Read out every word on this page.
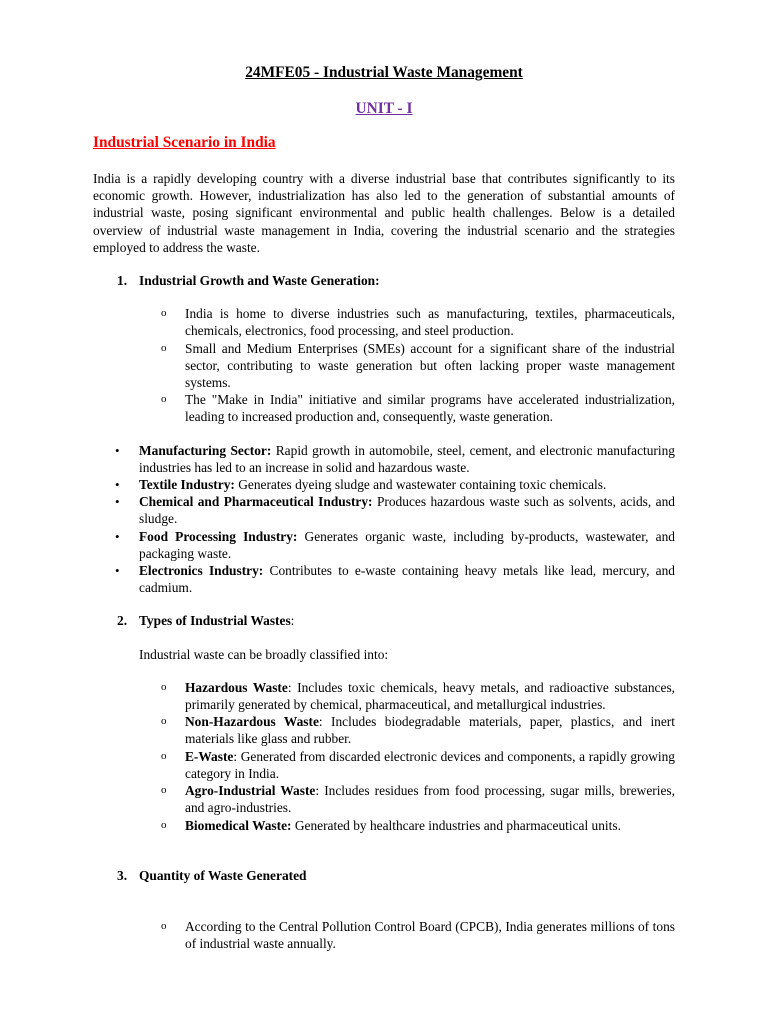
24MFE05 - Industrial Waste Management

UNIT - I

Industrial Scenario in India

India is a rapidly developing country with a diverse industrial base that contributes significantly to its economic growth. However, industrialization has also led to the generation of substantial amounts of industrial waste, posing significant environmental and public health challenges. Below is a detailed overview of industrial waste management in India, covering the industrial scenario and the strategies employed to address the waste.

1. Industrial Growth and Waste Generation:

o India is home to diverse industries such as manufacturing, textiles, pharmaceuticals, chemicals, electronics, food processing, and steel production.
o Small and Medium Enterprises (SMEs) account for a significant share of the industrial sector, contributing to waste generation but often lacking proper waste management systems.
o The "Make in India" initiative and similar programs have accelerated industrialization, leading to increased production and, consequently, waste generation.
• Manufacturing Sector: Rapid growth in automobile, steel, cement, and electronic manufacturing industries has led to an increase in solid and hazardous waste.
• Textile Industry: Generates dyeing sludge and wastewater containing toxic chemicals.
• Chemical and Pharmaceutical Industry: Produces hazardous waste such as solvents, acids, and sludge.
• Food Processing Industry: Generates organic waste, including by-products, wastewater, and packaging waste.
• Electronics Industry: Contributes to e-waste containing heavy metals like lead, mercury, and cadmium.

2. Types of Industrial Wastes:

Industrial waste can be broadly classified into:

o Hazardous Waste: Includes toxic chemicals, heavy metals, and radioactive substances, primarily generated by chemical, pharmaceutical, and metallurgical industries.
o Non-Hazardous Waste: Includes biodegradable materials, paper, plastics, and inert materials like glass and rubber.
o E-Waste: Generated from discarded electronic devices and components, a rapidly growing category in India.
o Agro-Industrial Waste: Includes residues from food processing, sugar mills, breweries, and agro-industries.
o Biomedical Waste: Generated by healthcare industries and pharmaceutical units.

3. Quantity of Waste Generated

o According to the Central Pollution Control Board (CPCB), India generates millions of tons of industrial waste annually.
